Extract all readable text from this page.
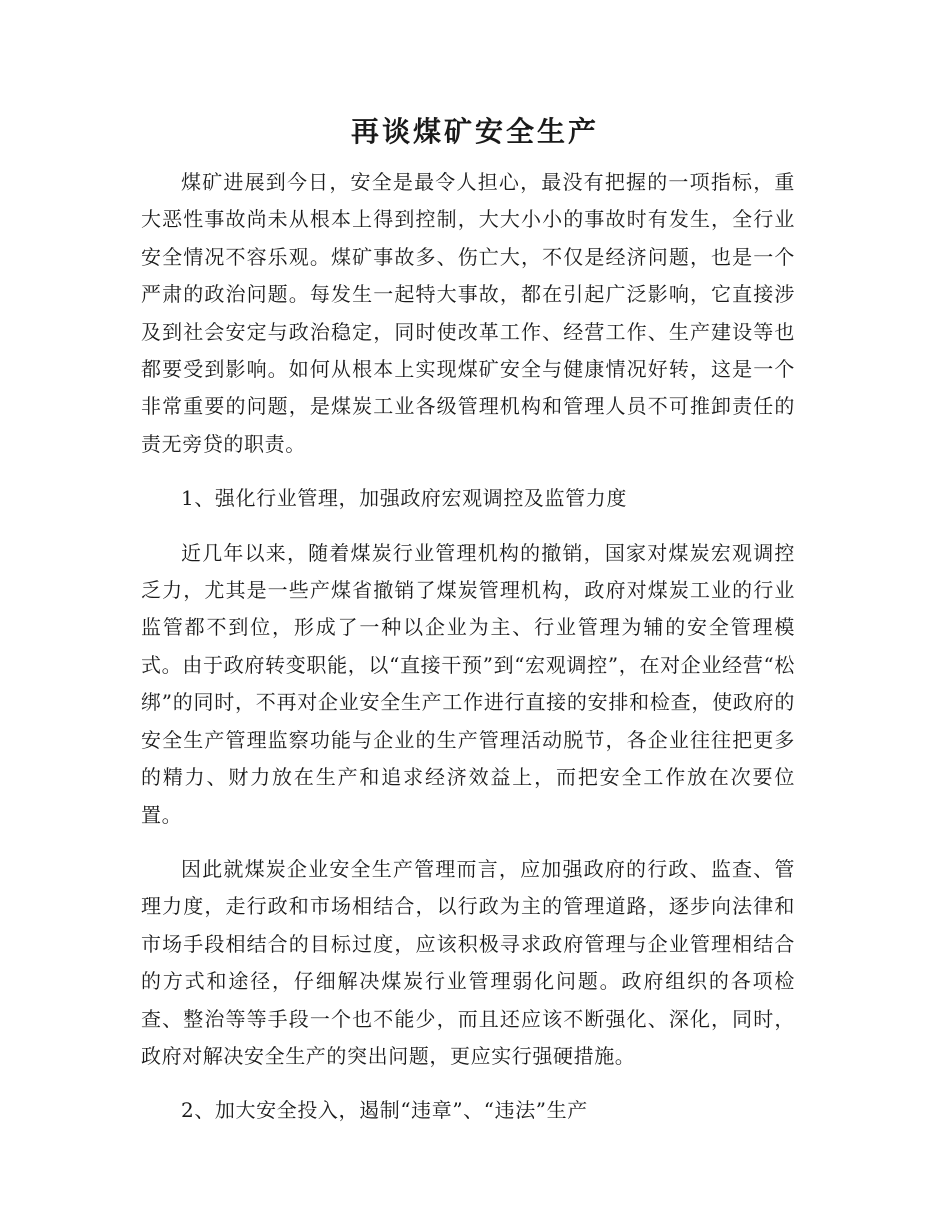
再谈煤矿安全生产

煤矿进展到今日，安全是最令人担心，最没有把握的一项指标，重大恶性事故尚未从根本上得到控制，大大小小的事故时有发生，全行业安全情况不容乐观。煤矿事故多、伤亡大，不仅是经济问题，也是一个严肃的政治问题。每发生一起特大事故，都在引起广泛影响，它直接涉及到社会安定与政治稳定，同时使改革工作、经营工作、生产建设等也都要受到影响。如何从根本上实现煤矿安全与健康情况好转，这是一个非常重要的问题，是煤炭工业各级管理机构和管理人员不可推卸责任的责无旁贷的职责。

1、强化行业管理，加强政府宏观调控及监管力度

近几年以来，随着煤炭行业管理机构的撤销，国家对煤炭宏观调控乏力，尤其是一些产煤省撤销了煤炭管理机构，政府对煤炭工业的行业监管都不到位，形成了一种以企业为主、行业管理为辅的安全管理模式。由于政府转变职能，以“直接干预”到“宏观调控”，在对企业经营“松绑”的同时，不再对企业安全生产工作进行直接的安排和检查，使政府的安全生产管理监察功能与企业的生产管理活动脱节，各企业往往把更多的精力、财力放在生产和追求经济效益上，而把安全工作放在次要位置。

因此就煤炭企业安全生产管理而言，应加强政府的行政、监查、管理力度，走行政和市场相结合，以行政为主的管理道路，逐步向法律和市场手段相结合的目标过度，应该积极寻求政府管理与企业管理相结合的方式和途径，仔细解决煤炭行业管理弱化问题。政府组织的各项检查、整治等等手段一个也不能少，而且还应该不断强化、深化，同时，政府对解决安全生产的突出问题，更应实行强硬措施。

2、加大安全投入，遏制“违章”、“违法”生产
